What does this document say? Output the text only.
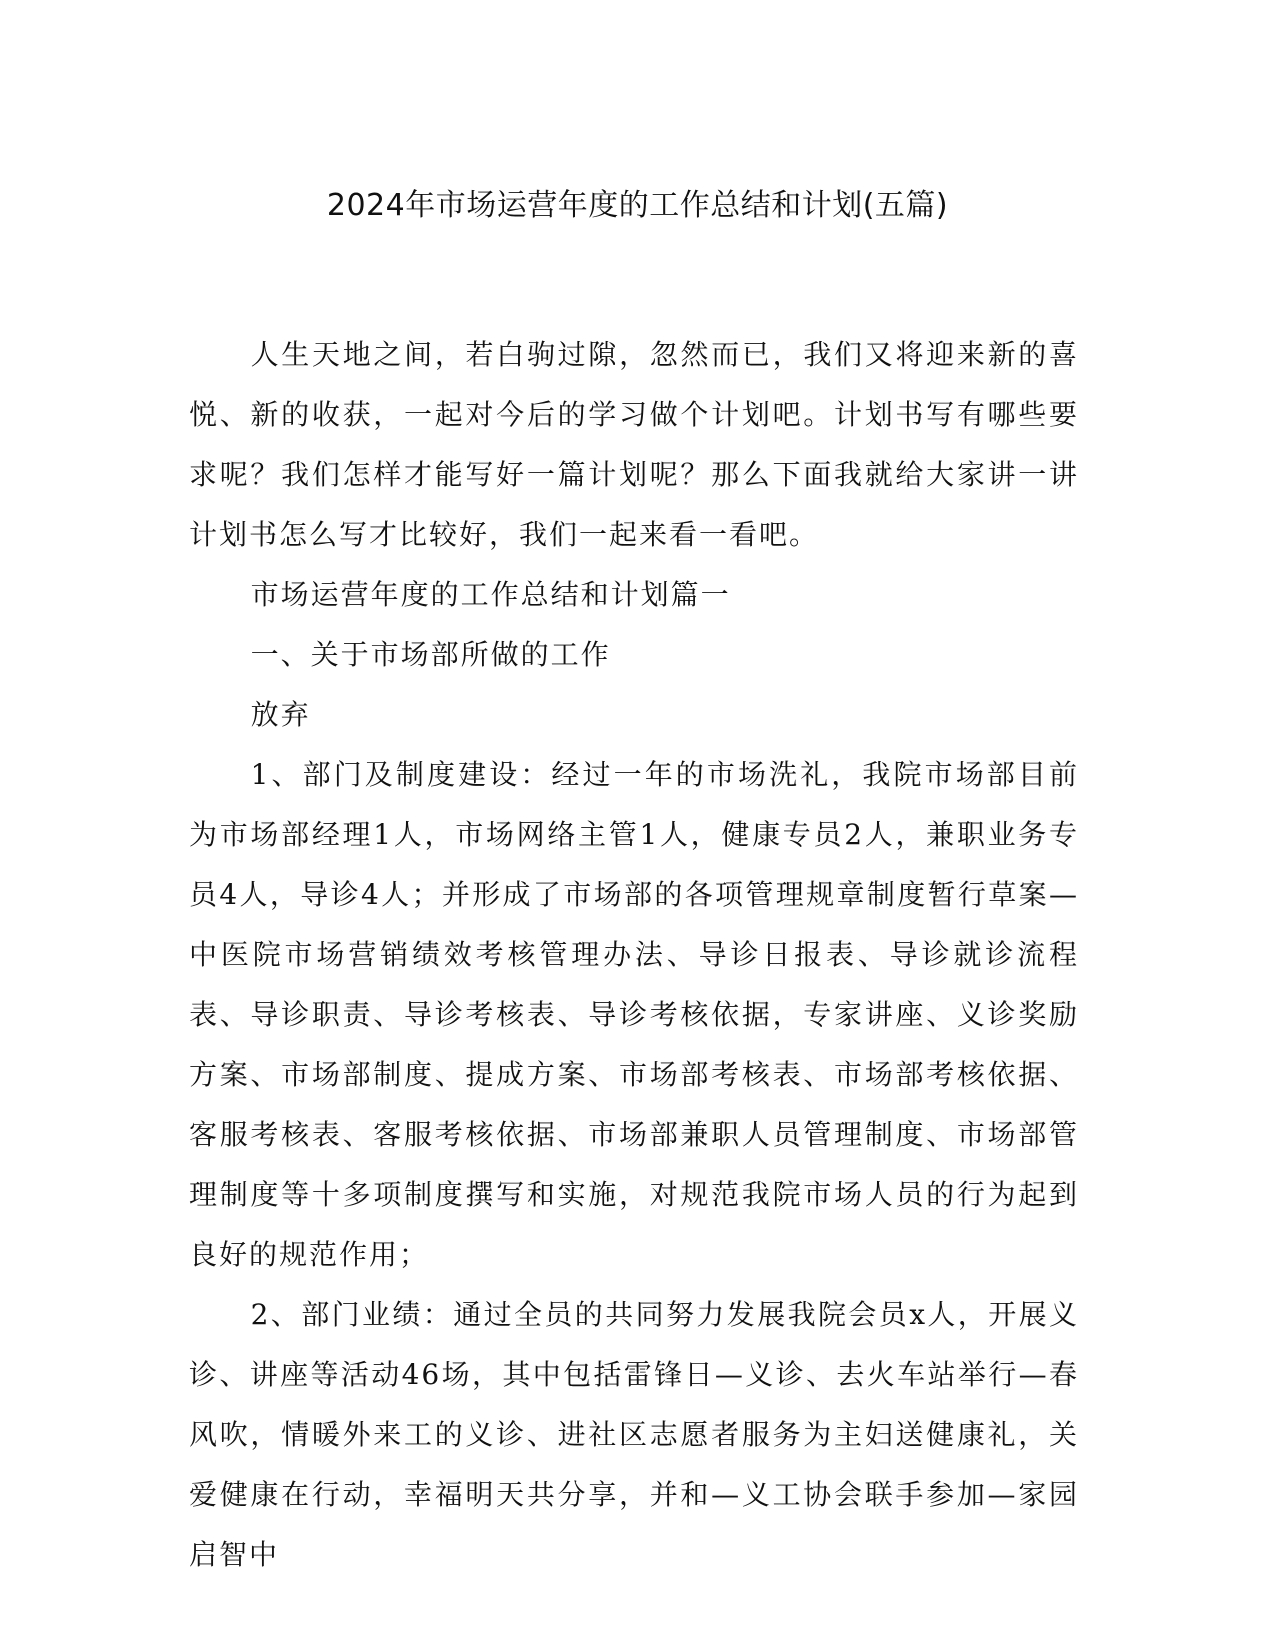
2024年市场运营年度的工作总结和计划(五篇)

人生天地之间，若白驹过隙，忽然而已，我们又将迎来新的喜悦、新的收获，一起对今后的学习做个计划吧。计划书写有哪些要求呢？我们怎样才能写好一篇计划呢？那么下面我就给大家讲一讲计划书怎么写才比较好，我们一起来看一看吧。

市场运营年度的工作总结和计划篇一

一、关于市场部所做的工作

放弃

1、部门及制度建设：经过一年的市场洗礼，我院市场部目前为市场部经理1人，市场网络主管1人，健康专员2人，兼职业务专员4人，导诊4人；并形成了市场部的各项管理规章制度暂行草案—中医院市场营销绩效考核管理办法、导诊日报表、导诊就诊流程表、导诊职责、导诊考核表、导诊考核依据，专家讲座、义诊奖励方案、市场部制度、提成方案、市场部考核表、市场部考核依据、客服考核表、客服考核依据、市场部兼职人员管理制度、市场部管理制度等十多项制度撰写和实施，对规范我院市场人员的行为起到良好的规范作用；

2、部门业绩：通过全员的共同努力发展我院会员x人，开展义诊、讲座等活动46场，其中包括雷锋日—义诊、去火车站举行—春风吹，情暖外来工的义诊、进社区志愿者服务为主妇送健康礼，关爱健康在行动，幸福明天共分享，并和—义工协会联手参加—家园启智中
